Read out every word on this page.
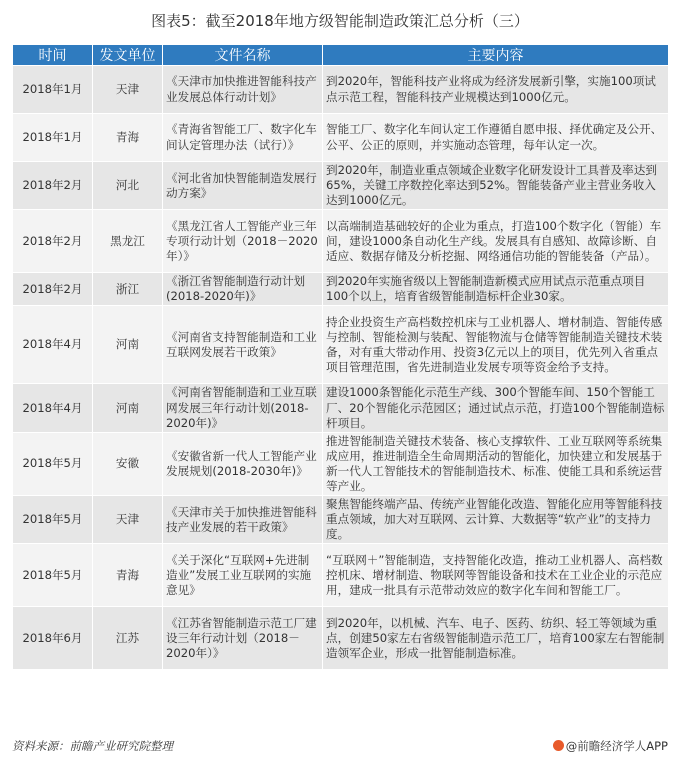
图表5：截至2018年地方级智能制造政策汇总分析（三）
时间	发文单位	文件名称	主要内容
2018年1月	天津	《天津市加快推进智能科技产业发展总体行动计划》	到2020年，智能科技产业将成为经济发展新引擎，实施100项试点示范工程，智能科技产业规模达到1000亿元。
2018年1月	青海	《青海省智能工厂、数字化车间认定管理办法（试行）》	智能工厂、数字化车间认定工作遵循自愿申报、择优确定及公开、公平、公正的原则，并实施动态管理，每年认定一次。
2018年2月	河北	《河北省加快智能制造发展行动方案》	到2020年，制造业重点领域企业数字化研发设计工具普及率达到65%，关键工序数控化率达到52%。智能装备产业主营业务收入达到1000亿元。
2018年2月	黑龙江	《黑龙江省人工智能产业三年专项行动计划（2018－2020年）》	以高端制造基础较好的企业为重点，打造100个数字化（智能）车间，建设1000条自动化生产线。发展具有自感知、故障诊断、自适应、数据存储及分析挖掘、网络通信功能的智能装备（产品）。
2018年2月	浙江	《浙江省智能制造行动计划(2018-2020年)》	到2020年实施省级以上智能制造新模式应用试点示范重点项目100个以上，培育省级智能制造标杆企业30家。
2018年4月	河南	《河南省支持智能制造和工业互联网发展若干政策》	持企业投资生产高档数控机床与工业机器人、增材制造、智能传感与控制、智能检测与装配、智能物流与仓储等智能制造关键技术装备，对有重大带动作用、投资3亿元以上的项目，优先列入省重点项目管理范围，省先进制造业发展专项等资金给予支持。
2018年4月	河南	《河南省智能制造和工业互联网发展三年行动计划(2018-2020年)》	建设1000条智能化示范生产线、300个智能车间、150个智能工厂、20个智能化示范园区；通过试点示范，打造100个智能制造标杆项目。
2018年5月	安徽	《安徽省新一代人工智能产业发展规划(2018-2030年)》	推进智能制造关键技术装备、核心支撑软件、工业互联网等系统集成应用，推进制造全生命周期活动的智能化，加快建立和发展基于新一代人工智能技术的智能制造技术、标准、使能工具和系统运营等产业。
2018年5月	天津	《天津市关于加快推进智能科技产业发展的若干政策》	聚焦智能终端产品、传统产业智能化改造、智能化应用等智能科技重点领域，加大对互联网、云计算、大数据等“软产业”的支持力度。
2018年5月	青海	《关于深化“互联网+先进制造业”发展工业互联网的实施意见》	“互联网＋”智能制造，支持智能化改造，推动工业机器人、高档数控机床、增材制造、物联网等智能设备和技术在工业企业的示范应用，建成一批具有示范带动效应的数字化车间和智能工厂。
2018年6月	江苏	《江苏省智能制造示范工厂建设三年行动计划（2018－2020年）》	到2020年，以机械、汽车、电子、医药、纺织、轻工等领域为重点，创建50家左右省级智能制造示范工厂，培育100家左右智能制造领军企业，形成一批智能制造标准。
资料来源：前瞻产业研究院整理	@前瞻经济学人APP
